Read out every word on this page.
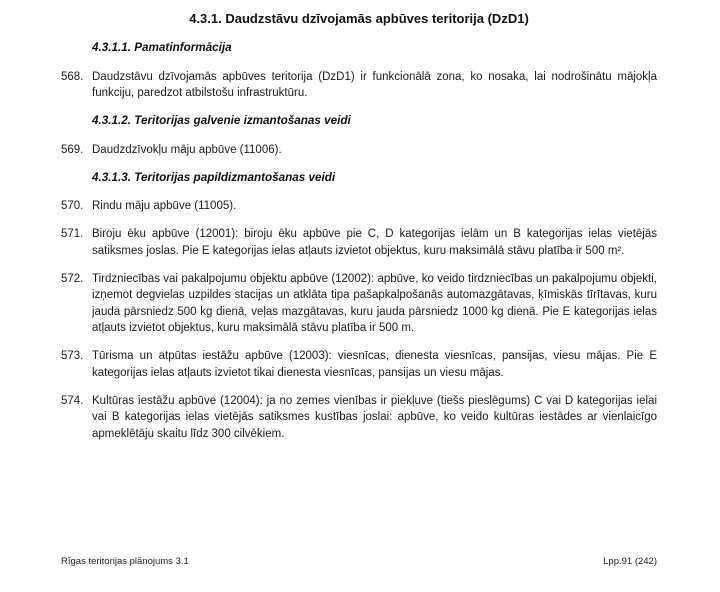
4.3.1. Daudzstāvu dzīvojamās apbūves teritorija (DzD1)
4.3.1.1. Pamatinformācija
568. Daudzstāvu dzīvojamās apbūves teritorija (DzD1) ir funkcionālā zona, ko nosaka, lai nodrošinātu mājokļa funkciju, paredzot atbilstošu infrastruktūru.
4.3.1.2. Teritorijas galvenie izmantošanas veidi
569. Daudzdzīvokļu māju apbūve (11006).
4.3.1.3. Teritorijas papildizmantošanas veidi
570. Rindu māju apbūve (11005).
571. Biroju ēku apbūve (12001): biroju ēku apbūve pie C, D kategorijas ielām un B kategorijas ielas vietējās satiksmes joslas. Pie E kategorijas ielas atļauts izvietot objektus, kuru maksimālā stāvu platība ir 500 m².
572. Tirdzniecības vai pakalpojumu objektu apbūve (12002): apbūve, ko veido tirdzniecības un pakalpojumu objekti, izņemot degvielas uzpildes stacijas un atklāta tipa pašapkalpošanās automazgātavas, ķīmiskās tīrītavas, kuru jauda pārsniedz 500 kg dienā, veļas mazgātavas, kuru jauda pārsniedz 1000 kg dienā. Pie E kategorijas ielas atļauts izvietot objektus, kuru maksimālā stāvu platība ir 500 m.
573. Tūrisma un atpūtas iestāžu apbūve (12003): viesnīcas, dienesta viesnīcas, pansijas, viesu mājas. Pie E kategorijas ielas atļauts izvietot tikai dienesta viesnīcas, pansijas un viesu mājas.
574. Kultūras iestāžu apbūve (12004): ja no zemes vienības ir piekļuve (tiešs pieslēgums) C vai D kategorijas ielai vai B kategorijas ielas vietējās satiksmes kustības joslai: apbūve, ko veido kultūras iestādes ar vienlaicīgo apmeklētāju skaitu līdz 300 cilvēkiem.
Rīgas teritorijas plānojums 3.1	Lpp.91 (242)
